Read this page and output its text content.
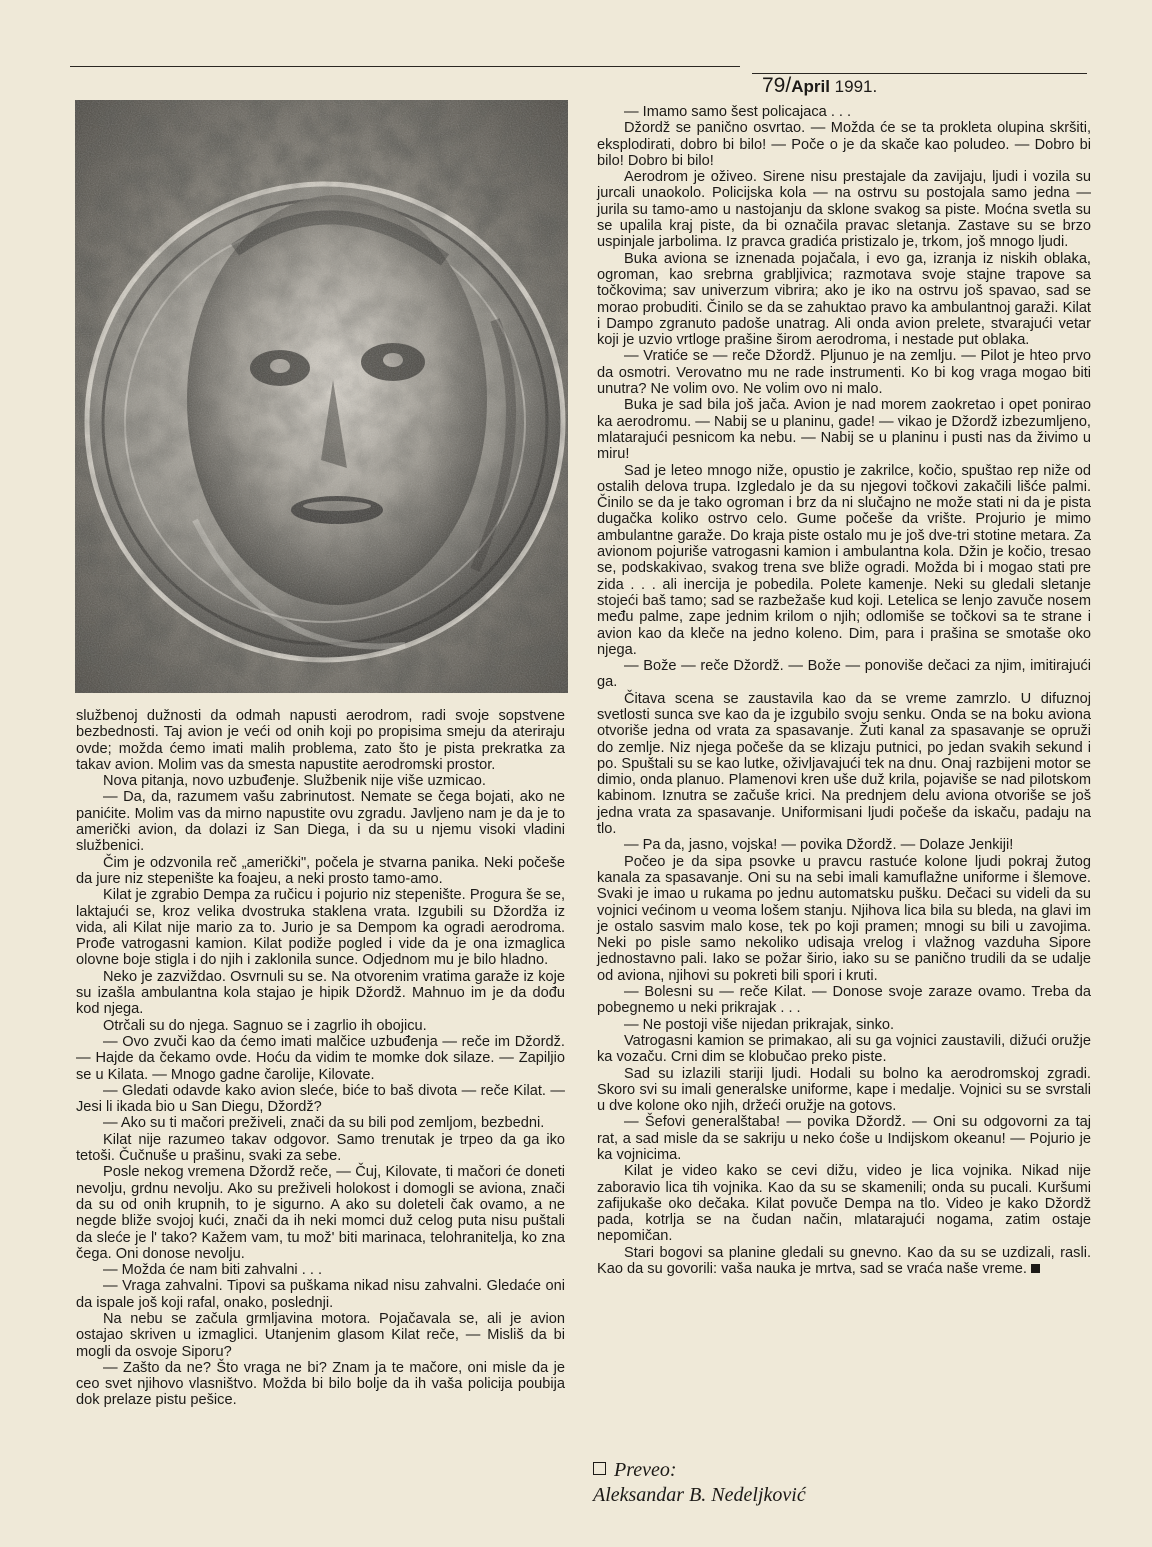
79/April 1991.

službenoj dužnosti da odmah napusti aerodrom, radi svoje sopstvene bezbednosti. Taj avion je veći od onih koji po propisima smeju da ateriraju ovde; možda ćemo imati malih problema, zato što je pista prekratka za takav avion. Molim vas da smesta napustite aerodromski prostor.

Nova pitanja, novo uzbuđenje. Službenik nije više uzmicao.

— Da, da, razumem vašu zabrinutost. Nemate se čega bojati, ako ne panićite. Molim vas da mirno napustite ovu zgradu. Javljeno nam je da je to američki avion, da dolazi iz San Diega, i da su u njemu visoki vladini službenici.

Čim je odzvonila reč „američki", počela je stvarna panika. Neki počeše da jure niz stepenište ka foajeu, a neki prosto tamo-amo.

Kilat je zgrabio Dempa za ručicu i pojurio niz stepenište. Progura še se, laktajući se, kroz velika dvostruka staklena vrata. Izgubili su Džordža iz vida, ali Kilat nije mario za to. Jurio je sa Dempom ka ogradi aerodroma. Prođe vatrogasni kamion. Kilat podiže pogled i vide da je ona izmaglica olovne boje stigla i do njih i zaklonila sunce. Odjednom mu je bilo hladno.

Neko je zazviždao. Osvrnuli su se. Na otvorenim vratima garaže iz koje su izašla ambulantna kola stajao je hipik Džordž. Mahnuo im je da dođu kod njega.

Otrčali su do njega. Sagnuo se i zagrlio ih obojicu.

— Ovo zvuči kao da ćemo imati malčice uzbuđenja — reče im Džordž. — Hajde da čekamo ovde. Hoću da vidim te momke dok silaze. — Zapiljio se u Kilata. — Mnogo gadne čarolije, Kilovate.

— Gledati odavde kako avion sleće, biće to baš divota — reče Kilat. — Jesi li ikada bio u San Diegu, Džordž?

— Ako su ti mačori preživeli, znači da su bili pod zemljom, bezbedni.

Kilat nije razumeo takav odgovor. Samo trenutak je trpeo da ga iko tetoši. Čučnuše u prašinu, svaki za sebe.

Posle nekog vremena Džordž reče, — Čuj, Kilovate, ti mačori će doneti nevolju, grdnu nevolju. Ako su preživeli holokost i domogli se aviona, znači da su od onih krupnih, to je sigurno. A ako su doleteli čak ovamo, a ne negde bliže svojoj kući, znači da ih neki momci duž celog puta nisu puštali da sleće je l' tako? Kažem vam, tu mož' biti marinaca, telohranitelja, ko zna čega. Oni donose nevolju.

— Možda će nam biti zahvalni . . .

— Vraga zahvalni. Tipovi sa puškama nikad nisu zahvalni. Gledaće oni da ispale još koji rafal, onako, poslednji.

Na nebu se začula grmljavina motora. Pojačavala se, ali je avion ostajao skriven u izmaglici. Utanjenim glasom Kilat reče, — Misliš da bi mogli da osvoje Siporu?

— Zašto da ne? Što vraga ne bi? Znam ja te mačore, oni misle da je ceo svet njihovo vlasništvo. Možda bi bilo bolje da ih vaša policija poubija dok prelaze pistu pešice.

— Imamo samo šest policajaca . . .

Džordž se panično osvrtao. — Možda će se ta prokleta olupina skršiti, eksplodirati, dobro bi bilo! — Poče o je da skače kao poludeo. — Dobro bi bilo! Dobro bi bilo!

Aerodrom je oživeo. Sirene nisu prestajale da zavijaju, ljudi i vozila su jurcali unaokolo. Policijska kola — na ostrvu su postojala samo jedna — jurila su tamo-amo u nastojanju da sklone svakog sa piste. Moćna svetla su se upalila kraj piste, da bi označila pravac sletanja. Zastave su se brzo uspinjale jarbolima. Iz pravca gradića pristizalo je, trkom, još mnogo ljudi.

Buka aviona se iznenada pojačala, i evo ga, izranja iz niskih oblaka, ogroman, kao srebrna grabljivica; razmotava svoje stajne trapove sa točkovima; sav univerzum vibrira; ako je iko na ostrvu još spavao, sad se morao probuditi. Činilo se da se zahuktao pravo ka ambulantnoj garaži. Kilat i Dampo zgranuto padoše unatrag. Ali onda avion prelete, stvarajući vetar koji je uzvio vrtloge prašine širom aerodroma, i nestade put oblaka.

— Vratiće se — reče Džordž. Pljunuo je na zemlju. — Pilot je hteo prvo da osmotri. Verovatno mu ne rade instrumenti. Ko bi kog vraga mogao biti unutra? Ne volim ovo. Ne volim ovo ni malo.

Buka je sad bila još jača. Avion je nad morem zaokretao i opet ponirao ka aerodromu. — Nabij se u planinu, gade! — vikao je Džordž izbezumljeno, mlatarajući pesnicom ka nebu. — Nabij se u planinu i pusti nas da živimo u miru!

Sad je leteo mnogo niže, opustio je zakrilce, kočio, spuštao rep niže od ostalih delova trupa. Izgledalo je da su njegovi točkovi zakačili lišće palmi. Činilo se da je tako ogroman i brz da ni slučajno ne može stati ni da je pista dugačka koliko ostrvo celo. Gume počeše da vrište. Projurio je mimo ambulantne garaže. Do kraja piste ostalo mu je još dve-tri stotine metara. Za avionom pojuriše vatrogasni kamion i ambulantna kola. Džin je kočio, tresao se, podskakivao, svakog trena sve bliže ogradi. Možda bi i mogao stati pre zida . . . ali inercija je pobedila. Polete kamenje. Neki su gledali sletanje stojeći baš tamo; sad se razbežaše kud koji. Letelica se lenjo zavuče nosem među palme, zape jednim krilom o njih; odlomiše se točkovi sa te strane i avion kao da kleče na jedno koleno. Dim, para i prašina se smotaše oko njega.

— Bože — reče Džordž. — Bože — ponoviše dečaci za njim, imitirajući ga.

Čitava scena se zaustavila kao da se vreme zamrzlo. U difuznoj svetlosti sunca sve kao da je izgubilo svoju senku. Onda se na boku aviona otvoriše jedna od vrata za spasavanje. Žuti kanal za spasavanje se opruži do zemlje. Niz njega počeše da se klizaju putnici, po jedan svakih sekund i po. Spuštali su se kao lutke, oživljavajući tek na dnu. Onaj razbijeni motor se dimio, onda planuo. Plamenovi kren uše duž krila, pojaviše se nad pilotskom kabinom. Iznutra se začuše krici. Na prednjem delu aviona otvoriše se još jedna vrata za spasavanje. Uniformisani ljudi počeše da iskaču, padaju na tlo.

— Pa da, jasno, vojska! — povika Džordž. — Dolaze Jenkiji!

Počeo je da sipa psovke u pravcu rastuće kolone ljudi pokraj žutog kanala za spasavanje. Oni su na sebi imali kamuflažne uniforme i šlemove. Svaki je imao u rukama po jednu automatsku pušku. Dečaci su videli da su vojnici većinom u veoma lošem stanju. Njihova lica bila su bleda, na glavi im je ostalo sasvim malo kose, tek po koji pramen; mnogi su bili u zavojima. Neki po pisle samo nekoliko udisaja vrelog i vlažnog vazduha Sipore jednostavno pali. Iako se požar širio, iako su se panično trudili da se udalje od aviona, njihovi su pokreti bili spori i kruti.

— Bolesni su — reče Kilat. — Donose svoje zaraze ovamo. Treba da pobegnemo u neki prikrajak . . .

— Ne postoji više nijedan prikrajak, sinko.

Vatrogasni kamion se primakao, ali su ga vojnici zaustavili, dižući oružje ka vozaču. Crni dim se klobučao preko piste.

Sad su izlazili stariji ljudi. Hodali su bolno ka aerodromskoj zgradi. Skoro svi su imali generalske uniforme, kape i medalje. Vojnici su se svrstali u dve kolone oko njih, držeći oružje na gotovs.

— Šefovi generalštaba! — povika Džordž. — Oni su odgovorni za taj rat, a sad misle da se sakriju u neko ćoše u Indijskom okeanu! — Pojurio je ka vojnicima.

Kilat je video kako se cevi dižu, video je lica vojnika. Nikad nije zaboravio lica tih vojnika. Kao da su se skamenili; onda su pucali. Kuršumi zafijukaše oko dečaka. Kilat povuče Dempa na tlo. Video je kako Džordž pada, kotrlja se na čudan način, mlatarajući nogama, zatim ostaje nepomičan.

Stari bogovi sa planine gledali su gnevno. Kao da su se uzdizali, rasli. Kao da su govorili: vaša nauka je mrtva, sad se vraća naše vreme.

Preveo:
Aleksandar B. Nedeljković
